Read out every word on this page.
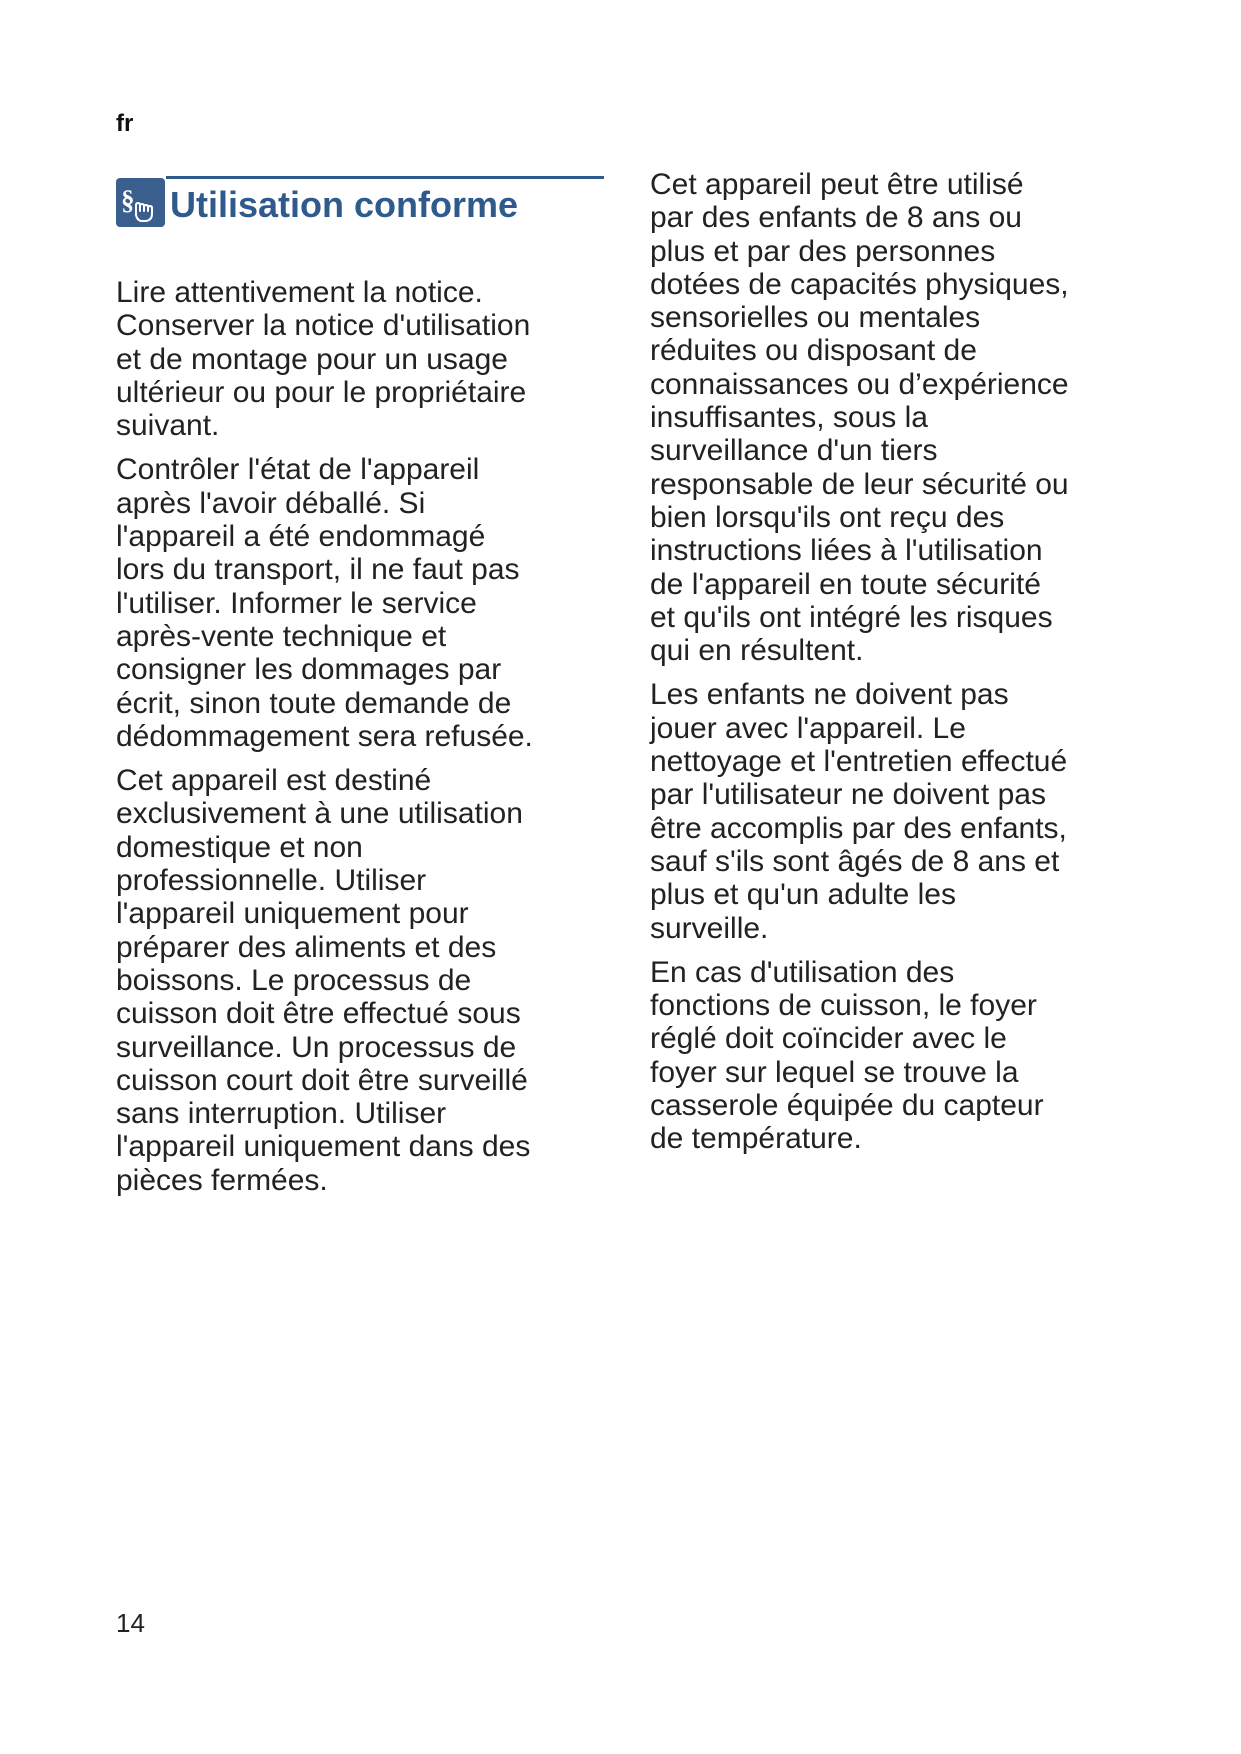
fr
§ Utilisation conforme

Lire attentivement la notice.
Conserver la notice d'utilisation
et de montage pour un usage
ultérieur ou pour le propriétaire
suivant.

Contrôler l'état de l'appareil
après l'avoir déballé. Si
l'appareil a été endommagé
lors du transport, il ne faut pas
l'utiliser. Informer le service
après-vente technique et
consigner les dommages par
écrit, sinon toute demande de
dédommagement sera refusée.

Cet appareil est destiné
exclusivement à une utilisation
domestique et non
professionnelle. Utiliser
l'appareil uniquement pour
préparer des aliments et des
boissons. Le processus de
cuisson doit être effectué sous
surveillance. Un processus de
cuisson court doit être surveillé
sans interruption. Utiliser
l'appareil uniquement dans des
pièces fermées.

Cet appareil peut être utilisé
par des enfants de 8 ans ou
plus et par des personnes
dotées de capacités physiques,
sensorielles ou mentales
réduites ou disposant de
connaissances ou d’expérience
insuffisantes, sous la
surveillance d'un tiers
responsable de leur sécurité ou
bien lorsqu'ils ont reçu des
instructions liées à l'utilisation
de l'appareil en toute sécurité
et qu'ils ont intégré les risques
qui en résultent.

Les enfants ne doivent pas
jouer avec l'appareil. Le
nettoyage et l'entretien effectué
par l'utilisateur ne doivent pas
être accomplis par des enfants,
sauf s'ils sont âgés de 8 ans et
plus et qu'un adulte les
surveille.

En cas d'utilisation des
fonctions de cuisson, le foyer
réglé doit coïncider avec le
foyer sur lequel se trouve la
casserole équipée du capteur
de température.

14
